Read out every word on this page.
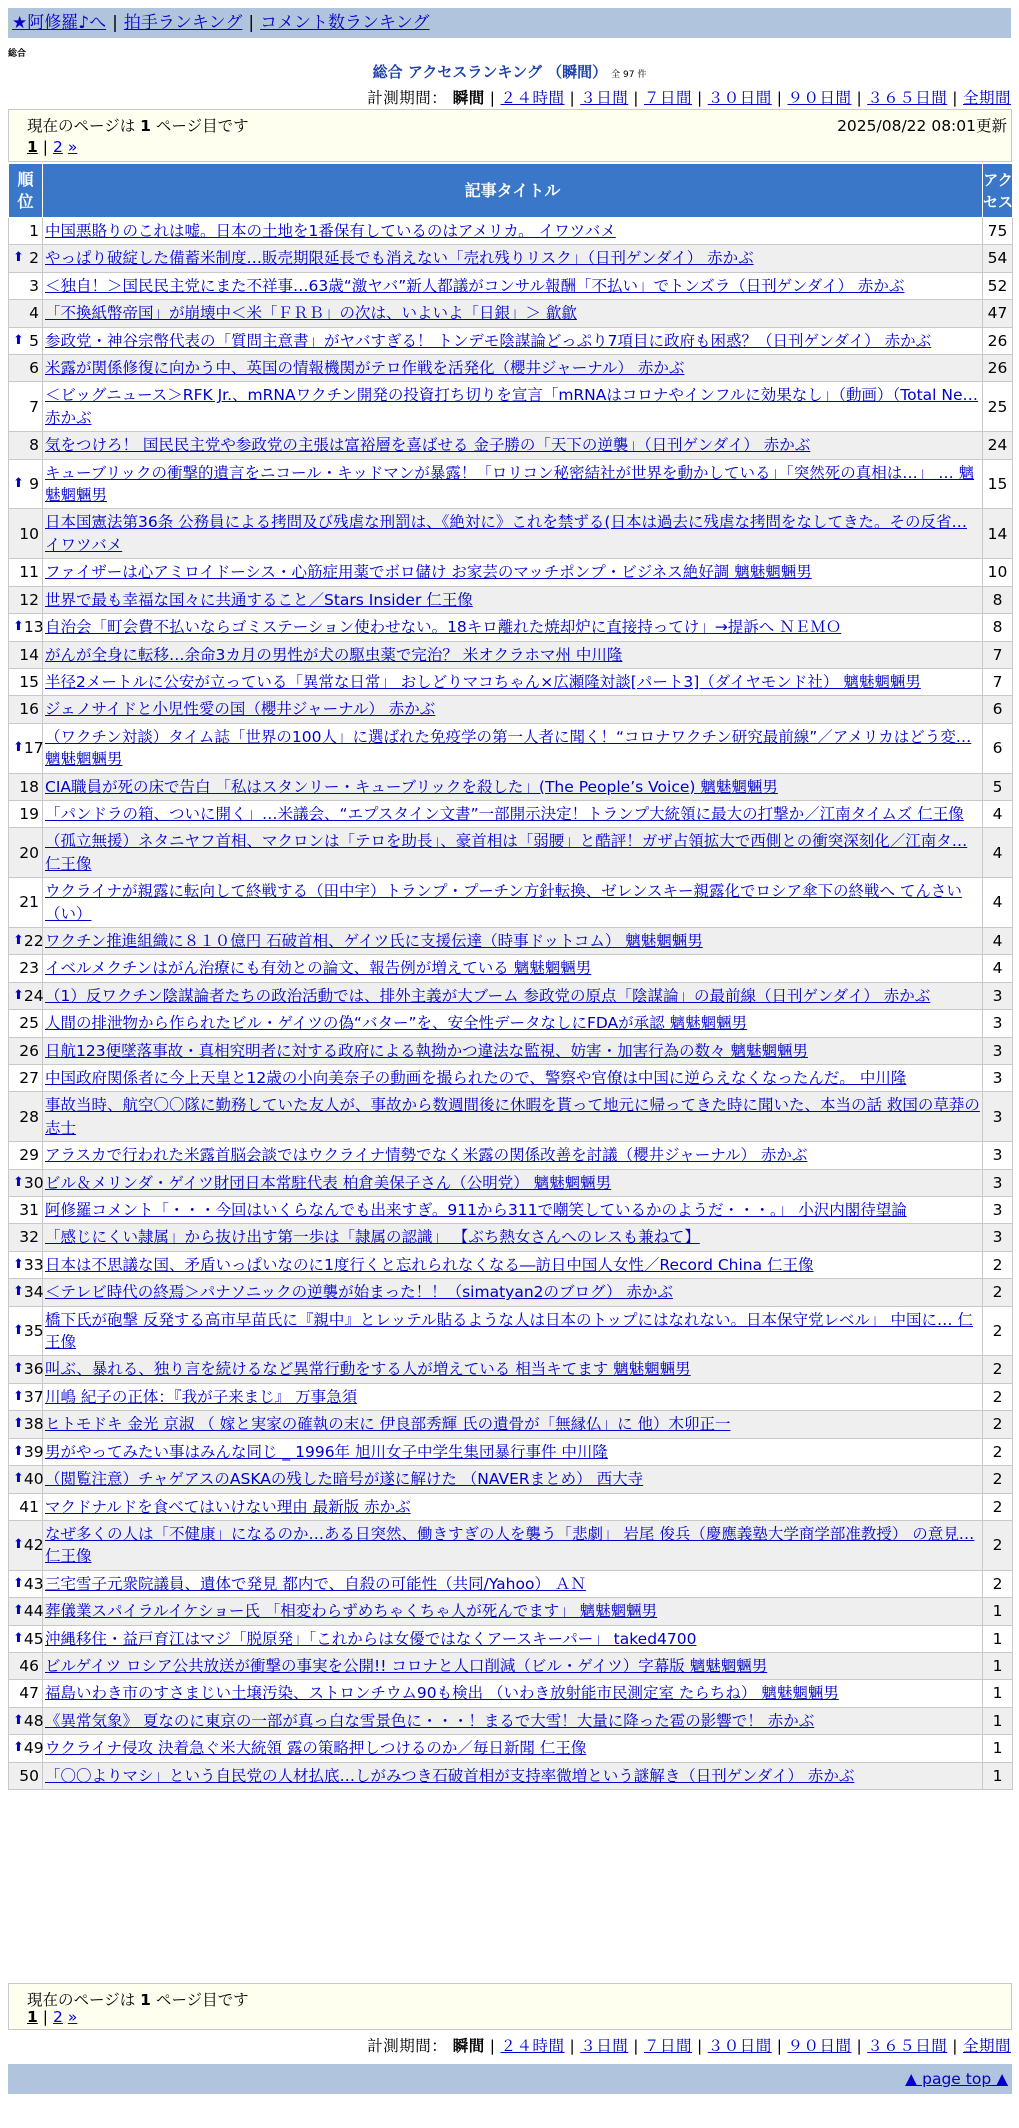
★阿修羅♪へ | 拍手ランキング | コメント数ランキング
総合
総合 アクセスランキング （瞬間） 全 97 件
計測期間： 瞬間 | ２４時間 | ３日間 | ７日間 | ３０日間 | ９０日間 | ３６５日間 | 全期間
現在のページは 1 ページ目です	2025/08/22 08:01更新
1 | 2 »
順位	記事タイトル	アクセス

1	中国悪賂りのこれは嘘。日本の土地を1番保有しているのはアメリカ。 イワツバメ	75

⬆ 2	やっぱり破綻した備蓄米制度…販売期限延長でも消えない「売れ残りリスク」（日刊ゲンダイ） 赤かぶ	54
3	＜独自！＞国民民主党にまた不祥事…63歳“激ヤバ”新人都議がコンサル報酬「不払い」でトンズラ（日刊ゲンダイ） 赤かぶ	52
4	「不換紙幣帝国」が崩壊中＜米「ＦＲＢ」の次は、いよいよ「日銀」＞ 歙歙	47

⬆ 5	参政党・神谷宗幣代表の「質問主意書」がヤバすぎる！ トンデモ陰謀論どっぷり7項目に政府も困惑？（日刊ゲンダイ） 赤かぶ	26
6	米露が関係修復に向かう中、英国の情報機関がテロ作戦を活発化（櫻井ジャーナル） 赤かぶ	26
7	＜ビッグニュース＞RFK Jr.、mRNAワクチン開発の投資打ち切りを宣言「mRNAはコロナやインフルに効果なし」（動画）（Total Ne… 赤かぶ	25
8	気をつけろ！ 国民民主党や参政党の主張は富裕層を喜ばせる 金子勝の「天下の逆襲」（日刊ゲンダイ） 赤かぶ	24

⬆ 9	キューブリックの衝撃的遺言をニコール・キッドマンが暴露！「ロリコン秘密結社が世界を動かしている」「突然死の真相は…」 … 魑魅魍魎男	15
10	日本国憲法第36条 公務員による拷問及び残虐な刑罰は、《絶対に》これを禁ずる(日本は過去に残虐な拷問をなしてきた。その反省… イワツバメ	14
11	ファイザーは心アミロイドーシス・心筋症用薬でボロ儲け お家芸のマッチポンプ・ビジネス絶好調 魑魅魍魎男	10
12	世界で最も幸福な国々に共通すること／Stars Insider 仁王像	8

⬆ 13	自治会「町会費不払いならゴミステーション使わせない。18キロ離れた焼却炉に直接持ってけ」→提訴へ ＮＥＭＯ	8
14	がんが全身に転移…余命3カ月の男性が犬の駆虫薬で完治？ 米オクラホマ州 中川隆	7
15	半径2メートルに公安が立っている「異常な日常」 おしどりマコちゃん×広瀬隆対談[パート3]（ダイヤモンド社） 魑魅魍魎男	7
16	ジェノサイドと小児性愛の国（櫻井ジャーナル） 赤かぶ	6

⬆ 17	（ワクチン対談）タイム誌「世界の100人」に選ばれた免疫学の第一人者に聞く！“コロナワクチン研究最前線”／アメリカはどう変… 魑魅魍魎男	6
18	CIA職員が死の床で告白 「私はスタンリー・キューブリックを殺した」(The People’s Voice) 魑魅魍魎男	5
19	「パンドラの箱、ついに開く」…米議会、“エプスタイン文書”一部開示決定！トランプ大統領に最大の打撃か／江南タイムズ 仁王像	4
20	（孤立無援）ネタニヤフ首相、マクロンは「テロを助長」、豪首相は「弱腰」と酷評！ガザ占領拡大で西側との衝突深刻化／江南タ… 仁王像	4
21	ウクライナが親露に転向して終戦する（田中宇）トランプ・プーチン方針転換、ゼレンスキー親露化でロシア傘下の終戦へ てんさい（い）	4

⬆ 22	ワクチン推進組織に８１０億円 石破首相、ゲイツ氏に支援伝達（時事ドットコム） 魑魅魍魎男	4
23	イベルメクチンはがん治療にも有効との論文、報告例が増えている 魑魅魍魎男	4

⬆ 24	（1）反ワクチン陰謀論者たちの政治活動では、排外主義が大ブーム 参政党の原点「陰謀論」の最前線（日刊ゲンダイ） 赤かぶ	3
25	人間の排泄物から作られたビル・ゲイツの偽“バター”を、安全性データなしにFDAが承認 魑魅魍魎男	3
26	日航123便墜落事故・真相究明者に対する政府による執拗かつ違法な監視、妨害・加害行為の数々 魑魅魍魎男	3
27	中国政府関係者に今上天皇と12歳の小向美奈子の動画を撮られたので、警察や官僚は中国に逆らえなくなったんだ。 中川隆	3
28	事故当時、航空〇〇隊に勤務していた友人が、事故から数週間後に休暇を貰って地元に帰ってきた時に聞いた、本当の話 救国の草莽の志士	3
29	アラスカで行われた米露首脳会談ではウクライナ情勢でなく米露の関係改善を討議（櫻井ジャーナル） 赤かぶ	3

⬆ 30	ビル＆メリンダ・ゲイツ財団日本常駐代表 柏倉美保子さん（公明党） 魑魅魍魎男	3
31	阿修羅コメント「・・・今回はいくらなんでも出来すぎ。911から311で嘲笑しているかのようだ・・・。」 小沢内閣待望論	3
32	「感じにくい隷属」から抜け出す第一歩は「隷属の認識」 【ぶち熱女さんへのレスも兼ねて】	3

⬆ 33	日本は不思議な国、矛盾いっぱいなのに1度行くと忘れられなくなる―訪日中国人女性／Record China 仁王像	2

⬆ 34	＜テレビ時代の終焉＞パナソニックの逆襲が始まった！！（simatyan2のブログ） 赤かぶ	2

⬆ 35	橋下氏が砲撃 反発する高市早苗氏に『親中』とレッテル貼るような人は日本のトップにはなれない。日本保守党レベル」 中国に… 仁王像	2

⬆ 36	叫ぶ、暴れる、独り言を続けるなど異常行動をする人が増えている 相当キてます 魑魅魍魎男	2

⬆ 37	川嶋 紀子の正体：『我が子来まじ』 万事急須	2

⬆ 38	ヒトモドキ 金光 京淑 （ 嫁と実家の確執の末に 伊良部秀輝 氏の遺骨が「無縁仏」に 他）木卯正一	2

⬆ 39	男がやってみたい事はみんな同じ _ 1996年 旭川女子中学生集団暴行事件 中川隆	2

⬆ 40	（閲覧注意）チャゲアスのASKAの残した暗号が遂に解けた （NAVERまとめ） 西大寺	2
41	マクドナルドを食べてはいけない理由 最新版 赤かぶ	2

⬆ 42	なぜ多くの人は「不健康」になるのか…ある日突然、働きすぎの人を襲う「悲劇」 岩尾 俊兵（慶應義塾大学商学部准教授） の意見… 仁王像	2

⬆ 43	三宅雪子元衆院議員、遺体で発見 都内で、自殺の可能性（共同/Yahoo） ＡＮ	2

⬆ 44	葬儀業スパイラルイケショー氏 「相変わらずめちゃくちゃ人が死んでます」 魑魅魍魎男	1

⬆ 45	沖縄移住・益戸育江はマジ「脱原発」「これからは女優ではなくアースキーパー」 taked4700	1
46	ビルゲイツ ロシア公共放送が衝撃の事実を公開!! コロナと人口削減（ビル・ゲイツ）字幕版 魑魅魍魎男	1
47	福島いわき市のすさまじい土壌汚染、ストロンチウム90も検出 （いわき放射能市民測定室 たらちね） 魑魅魍魎男	1

⬆ 48	《異常気象》 夏なのに東京の一部が真っ白な雪景色に・・・！まるで大雪！大量に降った雹の影響で！ 赤かぶ	1

⬆ 49	ウクライナ侵攻 決着急ぐ米大統領 露の策略押しつけるのか／毎日新聞 仁王像	1
50	「〇〇よりマシ」という自民党の人材払底…しがみつき石破首相が支持率微増という謎解き（日刊ゲンダイ） 赤かぶ	1
現在のページは 1 ページ目です
1 | 2 »
計測期間： 瞬間 | ２４時間 | ３日間 | ７日間 | ３０日間 | ９０日間 | ３６５日間 | 全期間
▲ page top ▲
